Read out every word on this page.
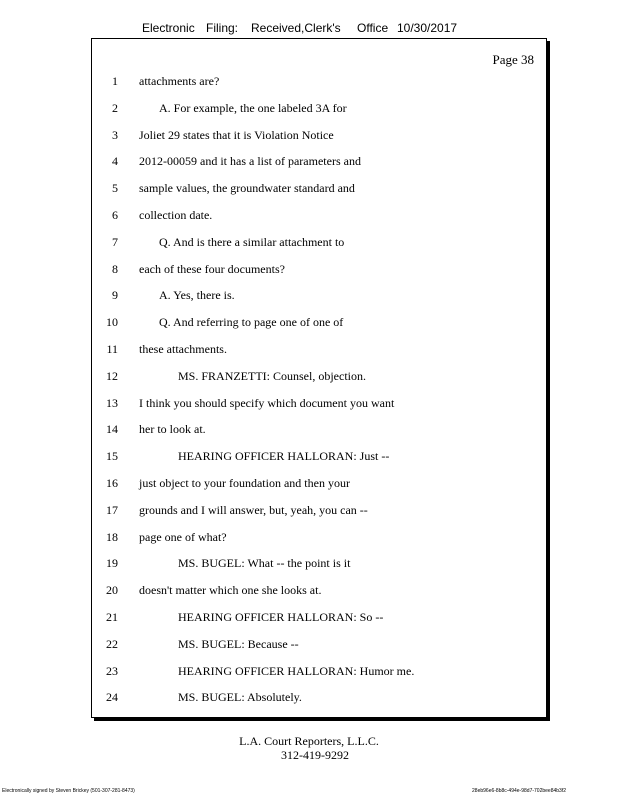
Electronic Filing: Received,Clerk's Office 10/30/2017
Page 38
1 attachments are?
2	A. For example, the one labeled 3A for
3 Joliet 29 states that it is Violation Notice
4 2012-00059 and it has a list of parameters and
5 sample values, the groundwater standard and
6 collection date.
7	Q. And is there a similar attachment to
8 each of these four documents?
9	A. Yes, there is.
10	Q. And referring to page one of one of
11 these attachments.
12	MS. FRANZETTI: Counsel, objection.
13 I think you should specify which document you want
14 her to look at.
15	HEARING OFFICER HALLORAN: Just --
16 just object to your foundation and then your
17 grounds and I will answer, but, yeah, you can --
18 page one of what?
19	MS. BUGEL: What -- the point is it
20 doesn't matter which one she looks at.
21	HEARING OFFICER HALLORAN: So --
22	MS. BUGEL: Because --
23	HEARING OFFICER HALLORAN: Humor me.
24	MS. BUGEL: Absolutely.
L.A. Court Reporters, L.L.C.
312-419-9292
Electronically signed by Steven Brickey (501-307-281-8473)	28eb96e6-8b8c-494e-98d7-702bee84b3f2
